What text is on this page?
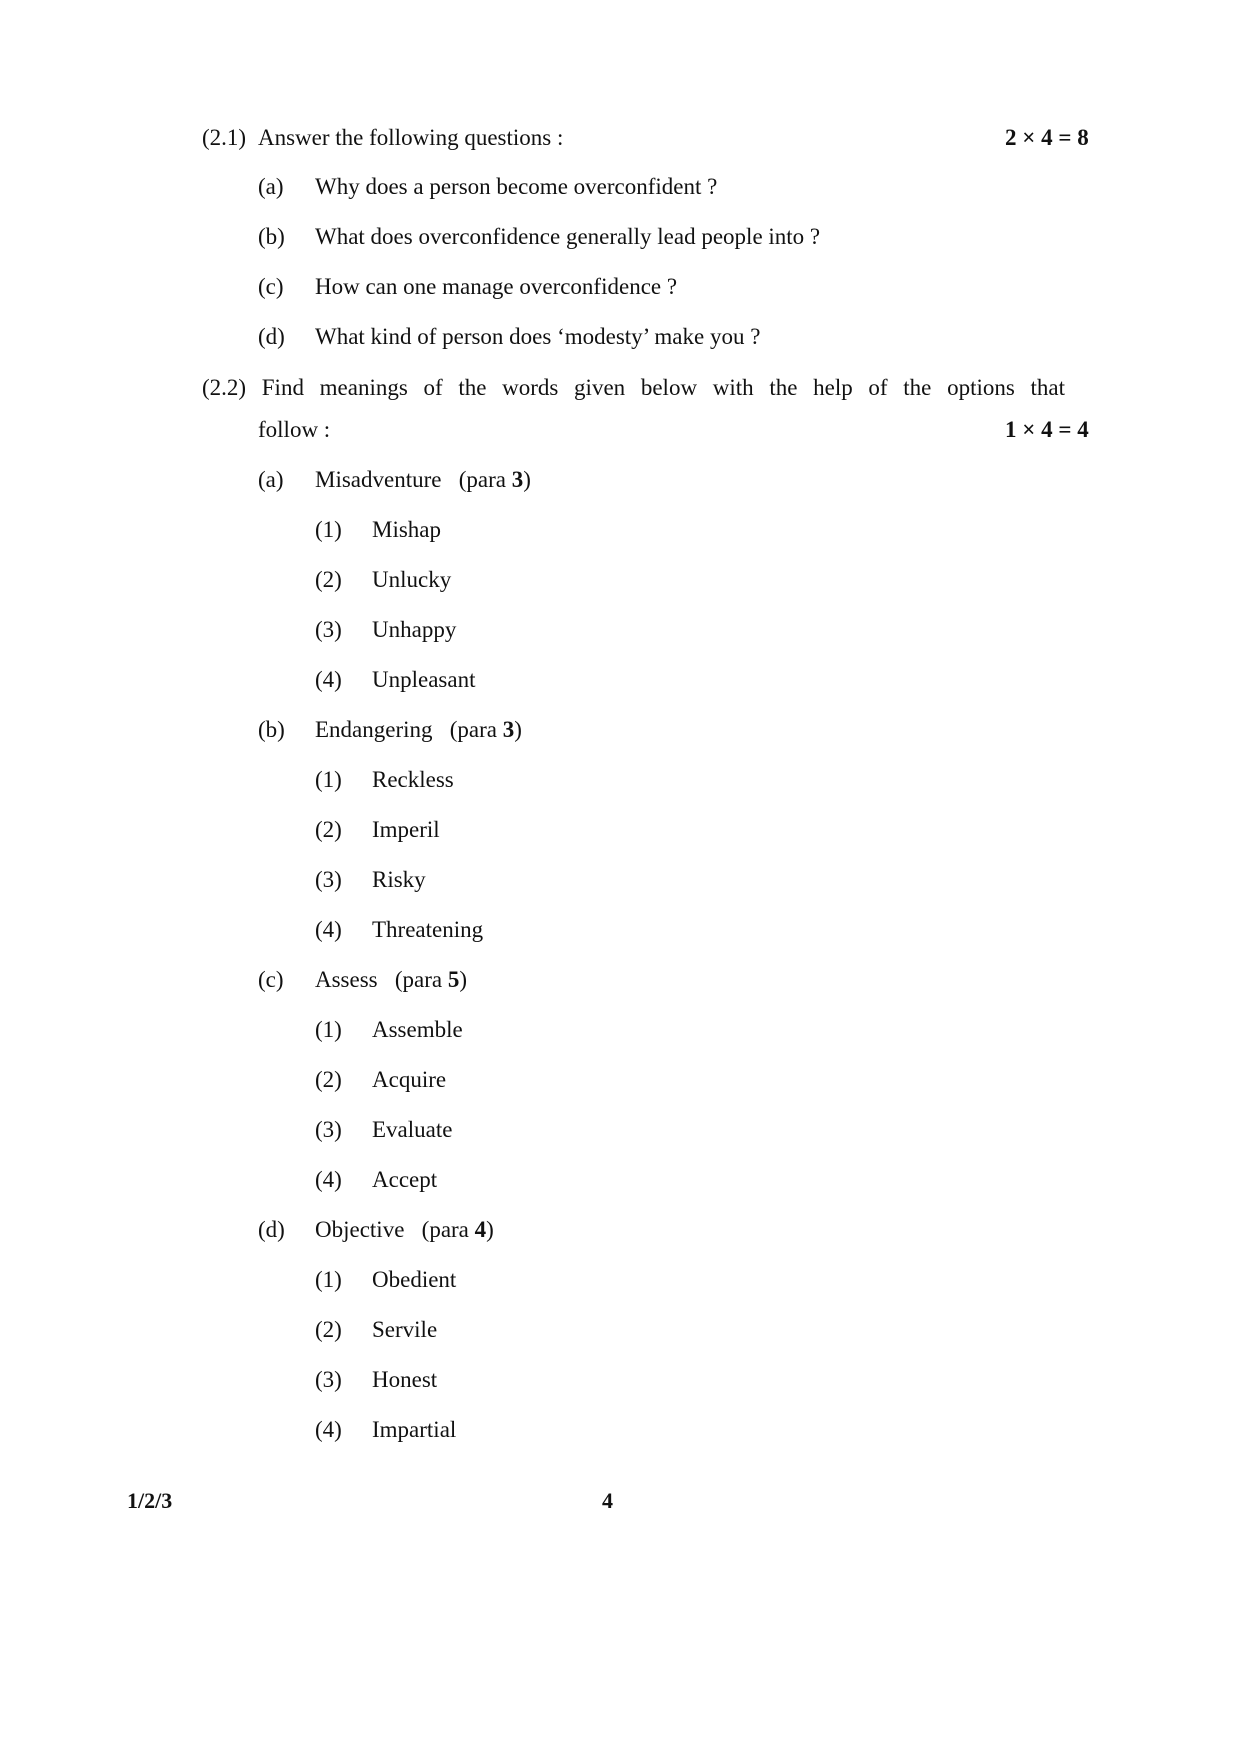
(2.1) Answer the following questions :	2 × 4 = 8
(a) Why does a person become overconfident ?
(b) What does overconfidence generally lead people into ?
(c) How can one manage overconfidence ?
(d) What kind of person does ‘modesty’ make you ?
(2.2) Find meanings of the words given below with the help of the options that
follow :	1 × 4 = 4
(a) Misadventure (para 3)
(1) Mishap
(2) Unlucky
(3) Unhappy
(4) Unpleasant
(b) Endangering (para 3)
(1) Reckless
(2) Imperil
(3) Risky
(4) Threatening
(c) Assess (para 5)
(1) Assemble
(2) Acquire
(3) Evaluate
(4) Accept
(d) Objective (para 4)
(1) Obedient
(2) Servile
(3) Honest
(4) Impartial
1/2/3	4
